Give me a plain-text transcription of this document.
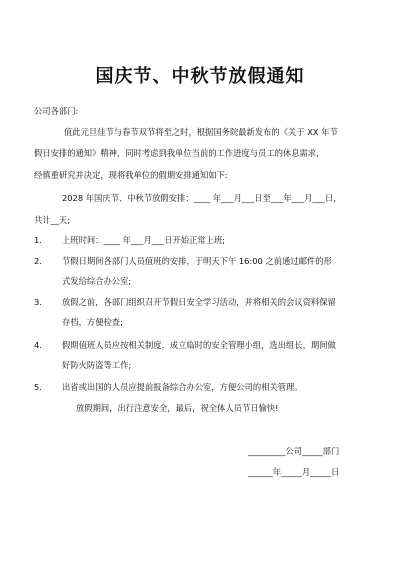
国庆节、中秋节放假通知
公司各部门:
值此元旦佳节与春节双节将至之时，根据国务院最新发布的《关于 XX 年节
假日安排的通知》精神，同时考虑到我单位当前的工作进度与员工的休息需求，
经慎重研究并决定，现将我单位的假期安排通知如下:
2028 年国庆节、中秋节放假安排：____ 年___月___日至___年___月___日，
共计__天;
1. 上班时间：____ 年___月___日开始正常上班;
2. 节假日期间各部门人员值班的安排，于明天下午 16:00 之前通过邮件的形
式发给综合办公室;
3. 放假之前，各部门组织召开节假日安全学习活动，并将相关的会议资料保留
存档，方便检查;
4. 假期值班人员应按相关制度，成立临时的安全管理小组，选出组长，期间做
好防火防盗等工作;
5. 出省或出国的人员应提前报备综合办公室，方便公司的相关管理。
放假期间，出行注意安全，最后，祝全体人员节日愉快!
_________公司_____部门
______年_____月_____日
